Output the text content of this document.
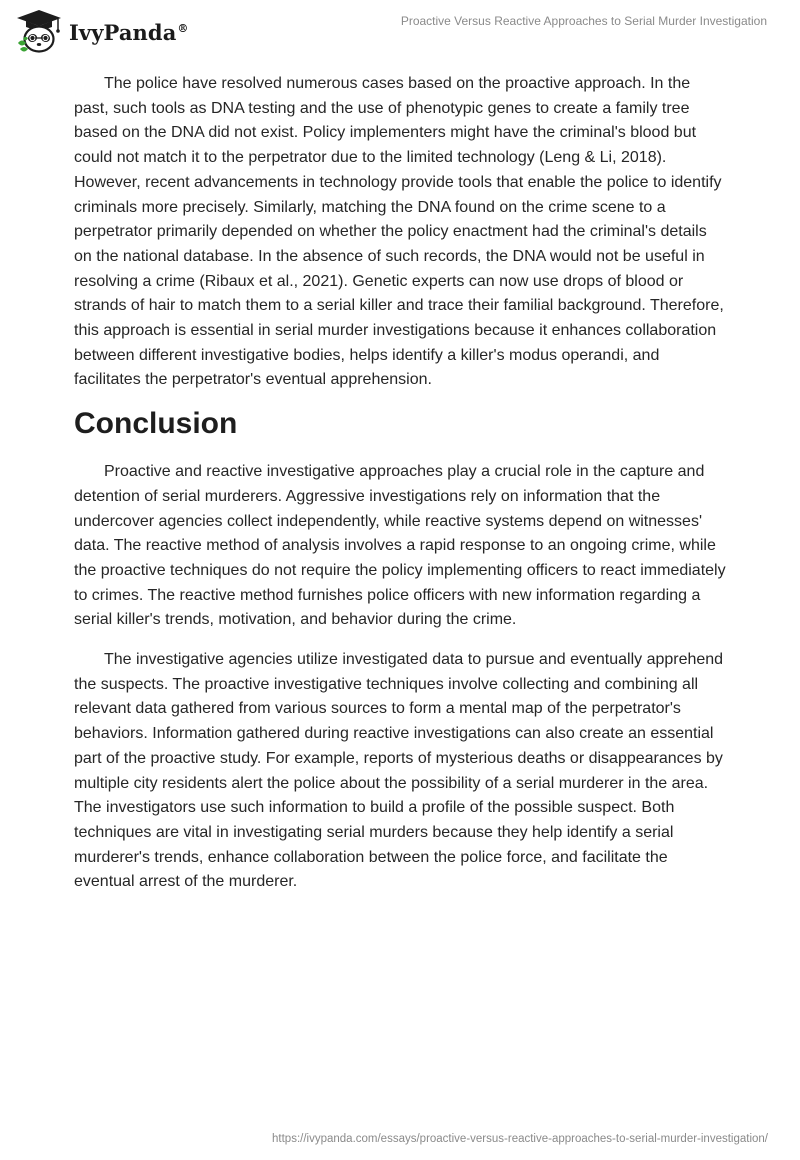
IvyPanda®	Proactive Versus Reactive Approaches to Serial Murder Investigation

The police have resolved numerous cases based on the proactive approach. In the past, such tools as DNA testing and the use of phenotypic genes to create a family tree based on the DNA did not exist. Policy implementers might have the criminal's blood but could not match it to the perpetrator due to the limited technology (Leng & Li, 2018). However, recent advancements in technology provide tools that enable the police to identify criminals more precisely. Similarly, matching the DNA found on the crime scene to a perpetrator primarily depended on whether the policy enactment had the criminal's details on the national database. In the absence of such records, the DNA would not be useful in resolving a crime (Ribaux et al., 2021). Genetic experts can now use drops of blood or strands of hair to match them to a serial killer and trace their familial background. Therefore, this approach is essential in serial murder investigations because it enhances collaboration between different investigative bodies, helps identify a killer's modus operandi, and facilitates the perpetrator's eventual apprehension.

Conclusion

Proactive and reactive investigative approaches play a crucial role in the capture and detention of serial murderers. Aggressive investigations rely on information that the undercover agencies collect independently, while reactive systems depend on witnesses' data. The reactive method of analysis involves a rapid response to an ongoing crime, while the proactive techniques do not require the policy implementing officers to react immediately to crimes. The reactive method furnishes police officers with new information regarding a serial killer's trends, motivation, and behavior during the crime.

The investigative agencies utilize investigated data to pursue and eventually apprehend the suspects. The proactive investigative techniques involve collecting and combining all relevant data gathered from various sources to form a mental map of the perpetrator's behaviors. Information gathered during reactive investigations can also create an essential part of the proactive study. For example, reports of mysterious deaths or disappearances by multiple city residents alert the police about the possibility of a serial murderer in the area. The investigators use such information to build a profile of the possible suspect. Both techniques are vital in investigating serial murders because they help identify a serial murderer's trends, enhance collaboration between the police force, and facilitate the eventual arrest of the murderer.

https://ivypanda.com/essays/proactive-versus-reactive-approaches-to-serial-murder-investigation/
